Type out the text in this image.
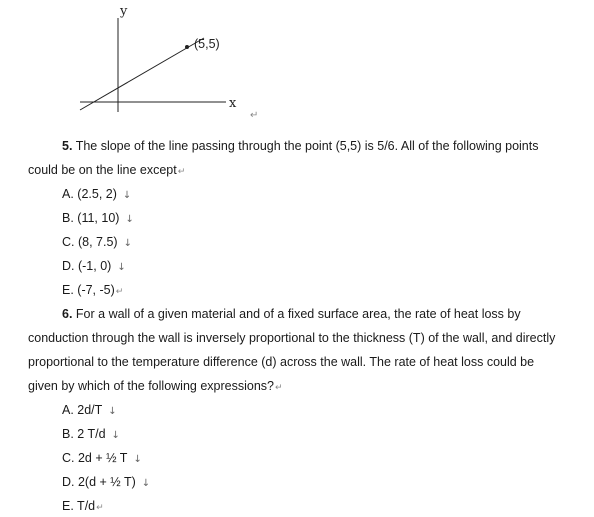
y
x
(5,5)
↵
5. The slope of the line passing through the point (5,5) is 5/6. All of the following points
could be on the line except↵
A. (2.5, 2) ↓
B. (11, 10) ↓
C. (8, 7.5) ↓
D. (-1, 0) ↓
E. (-7, -5)↵
6. For a wall of a given material and of a fixed surface area, the rate of heat loss by
conduction through the wall is inversely proportional to the thickness (T) of the wall, and directly
proportional to the temperature difference (d) across the wall. The rate of heat loss could be
given by which of the following expressions?↵
A. 2d/T ↓
B. 2 T/d ↓
C. 2d + ½ T ↓
D. 2(d + ½ T) ↓
E. T/d↵
